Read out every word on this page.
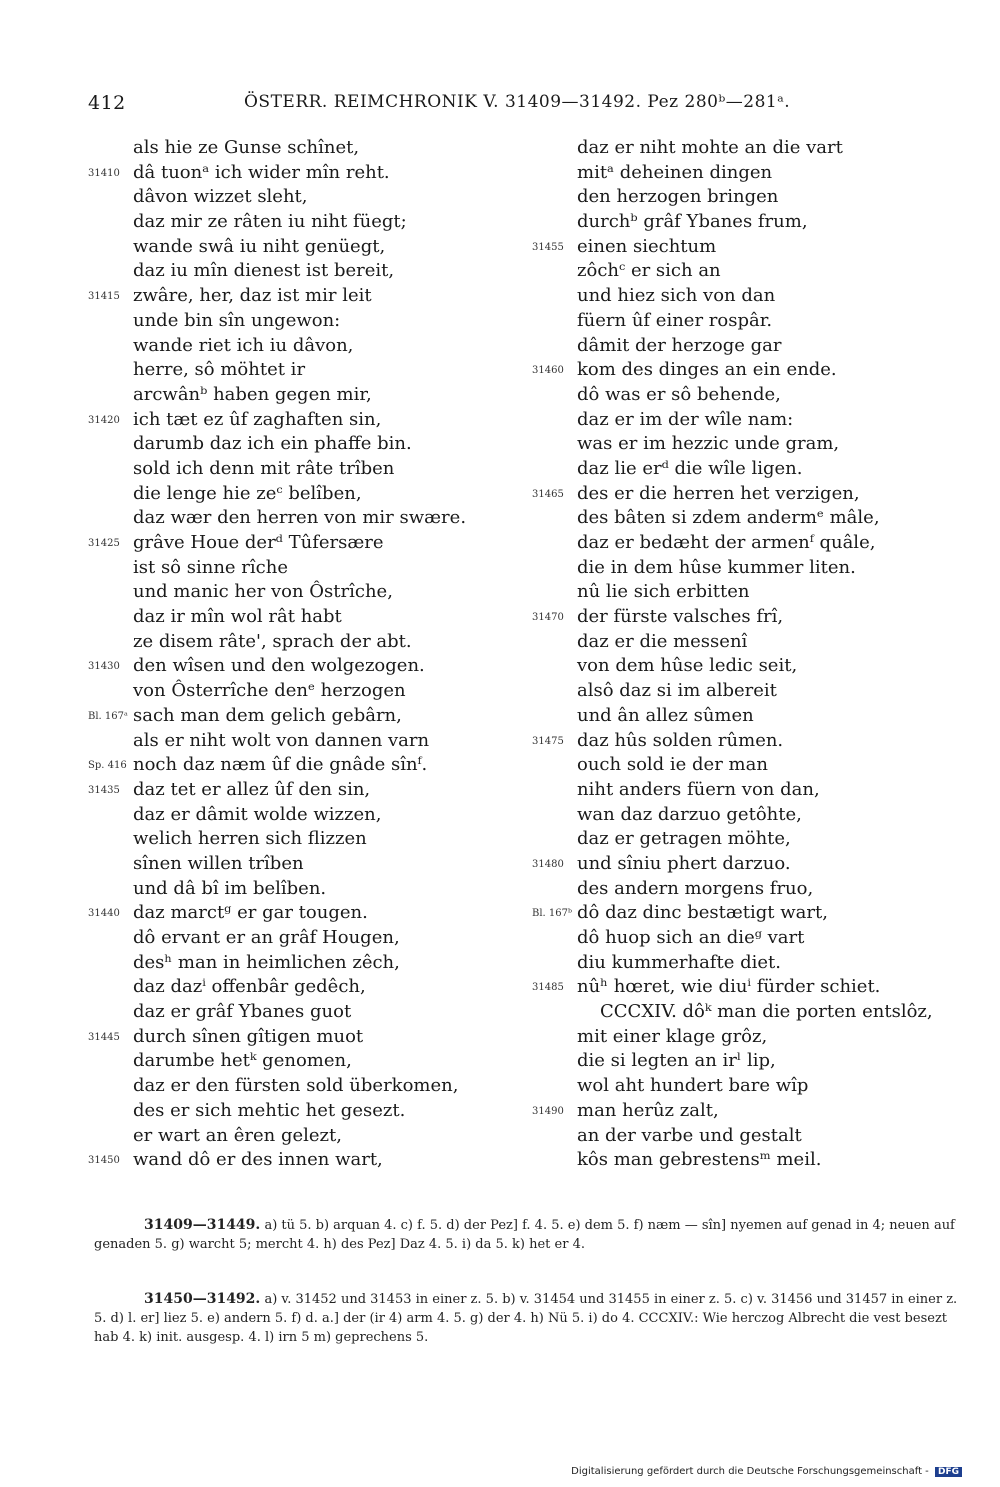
412	ÖSTERR. REIMCHRONIK V. 31409—31492. Pez 280ᵇ—281ᵃ.
als hie ze Gunse schînet,
31410 dâ tuonᵃ ich wider mîn reht.
dâvon wizzet sleht,
daz mir ze râten iu niht füegt;
wande swâ iu niht genüegt,
daz iu mîn dienest ist bereit,
31415 zwâre, her, daz ist mir leit
unde bin sîn ungewon:
wande riet ich iu dâvon,
herre, sô möhtet ir
arcwânᵇ haben gegen mir,
31420 ich tæt ez ûf zaghaften sin,
darumb daz ich ein phaffe bin.
sold ich denn mit râte trîben
die lenge hie zeᶜ belîben,
daz wær den herren von mir swære.
31425 grâve Houe derᵈ Tûfersære
ist sô sinne rîche
und manic her von Ôstrîche,
daz ir mîn wol rât habt
ze disem râte', sprach der abt.
31430 den wîsen und den wolgezogen.
von Ôsterrîche denᵉ herzogen
Bl. 167ᵃ sach man dem gelich gebârn,
als er niht wolt von dannen varn
Sp. 416 noch daz næm ûf die gnâde sînᶠ.
31435 daz tet er allez ûf den sin,
daz er dâmit wolde wizzen,
welich herren sich flizzen
sînen willen trîben
und dâ bî im belîben.
31440 daz marctᵍ er gar tougen.
dô ervant er an grâf Hougen,
desʰ man in heimlichen zêch,
daz dazⁱ offenbâr gedêch,
daz er grâf Ybanes guot
31445 durch sînen gîtigen muot
darumbe hetᵏ genomen,
daz er den fürsten sold überkomen,
des er sich mehtic het gesezt.
er wart an êren gelezt,
31450 wand dô er des innen wart,
daz er niht mohte an die vart
mitᵃ deheinen dingen
den herzogen bringen
durchᵇ grâf Ybanes frum,
31455 einen siechtum
zôchᶜ er sich an
und hiez sich von dan
füern ûf einer rospâr.
dâmit der herzoge gar
31460 kom des dinges an ein ende.
dô was er sô behende,
daz er im der wîle nam:
was er im hezzic unde gram,
daz lie erᵈ die wîle ligen.
31465 des er die herren het verzigen,
des bâten si zdem andermᵉ mâle,
daz er bedæht der armenᶠ quâle,
die in dem hûse kummer liten.
nû lie sich erbitten
31470 der fürste valsches frî,
daz er die messenî
von dem hûse ledic seit,
alsô daz si im albereit
und ân allez sûmen
31475 daz hûs solden rûmen.
ouch sold ie der man
niht anders füern von dan,
wan daz darzuo getôhte,
daz er getragen möhte,
31480 und sîniu phert darzuo.
des andern morgens fruo,
Bl. 167ᵇ dô daz dinc bestætigt wart,
dô huop sich an dieᵍ vart
diu kummerhafte diet.
31485 nûʰ hœret, wie diuⁱ fürder schiet.
CCCXIV. dôᵏ man die porten entslôz,
mit einer klage grôz,
die si legten an irˡ lip,
wol aht hundert bare wîp
31490 man herûz zalt,
an der varbe und gestalt
kôs man gebrestensᵐ meil.
31409—31449. a) tü 5. b) arquan 4. c) f. 5. d) der Pez] f. 4. 5. e) dem 5. f) næm — sîn] nyemen auf genad in 4; neuen auf genaden 5. g) warcht 5; mercht 4. h) des Pez] Daz 4. 5. i) da 5. k) het er 4.
31450—31492. a) v. 31452 und 31453 in einer z. 5. b) v. 31454 und 31455 in einer z. 5. c) v. 31456 und 31457 in einer z. 5. d) l. er] liez 5. e) andern 5. f) d. a.] der (ir 4) arm 4. 5. g) der 4. h) Nü 5. i) do 4. CCCXIV.: Wie herczog Albrecht die vest besezt hab 4. k) init. ausgesp. 4. l) irn 5 m) geprechens 5.
Digitalisierung gefördert durch die Deutsche Forschungsgemeinschaft - DFG
